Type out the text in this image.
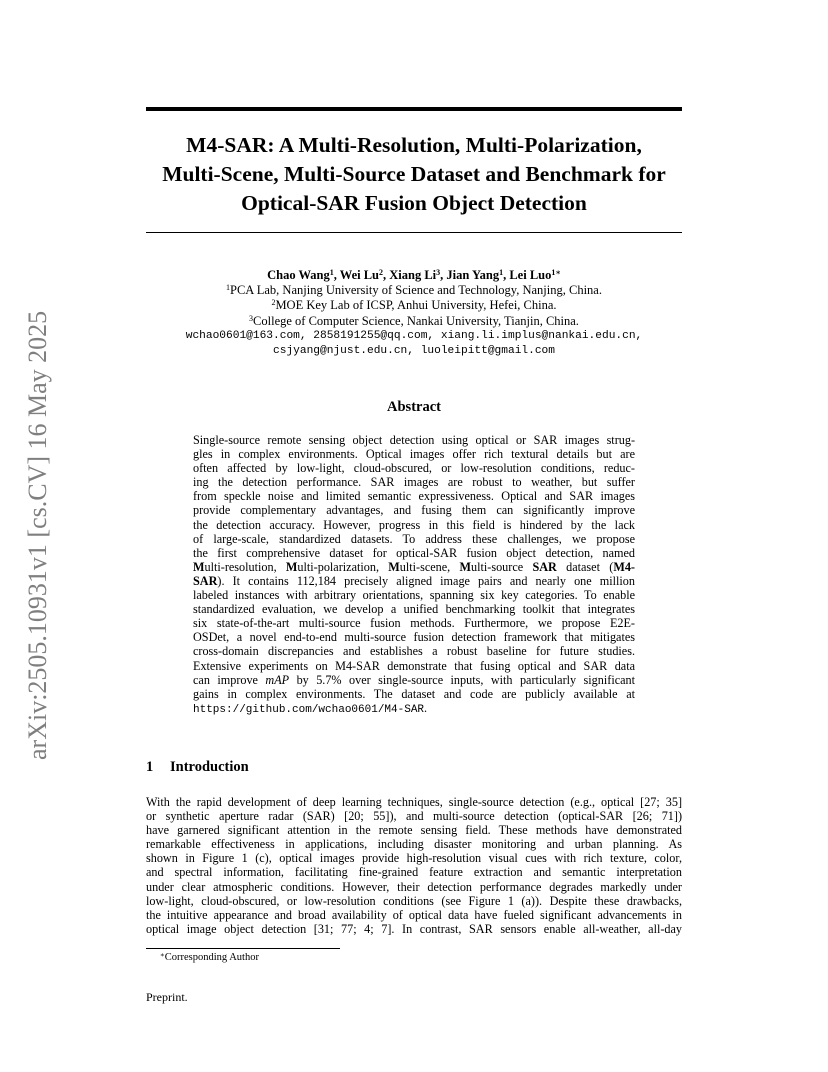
arXiv:2505.10931v1 [cs.CV] 16 May 2025
M4-SAR: A Multi-Resolution, Multi-Polarization,
Multi-Scene, Multi-Source Dataset and Benchmark for
Optical-SAR Fusion Object Detection
Chao Wang$^1$, Wei Lu$^2$, Xiang Li$^3$, Jian Yang$^1$, Lei Luo$^{1∗}$
$^1$PCA Lab, Nanjing University of Science and Technology, Nanjing, China.
$^2$MOE Key Lab of ICSP, Anhui University, Hefei, China.
$^3$College of Computer Science, Nankai University, Tianjin, China.
wchao0601@163.com, 2858191255@qq.com, xiang.li.implus@nankai.edu.cn,
csjyang@njust.edu.cn, luoleipitt@gmail.com
Abstract
Single-source remote sensing object detection using optical or SAR images strug-
gles in complex environments. Optical images offer rich textural details but are
often affected by low-light, cloud-obscured, or low-resolution conditions, reduc-
ing the detection performance. SAR images are robust to weather, but suffer
from speckle noise and limited semantic expressiveness. Optical and SAR images
provide complementary advantages, and fusing them can significantly improve
the detection accuracy. However, progress in this field is hindered by the lack
of large-scale, standardized datasets. To address these challenges, we propose
the first comprehensive dataset for optical-SAR fusion object detection, named
Multi-resolution, Multi-polarization, Multi-scene, Multi-source SAR dataset (M4-
SAR). It contains 112,184 precisely aligned image pairs and nearly one million
labeled instances with arbitrary orientations, spanning six key categories. To enable
standardized evaluation, we develop a unified benchmarking toolkit that integrates
six state-of-the-art multi-source fusion methods. Furthermore, we propose E2E-
OSDet, a novel end-to-end multi-source fusion detection framework that mitigates
cross-domain discrepancies and establishes a robust baseline for future studies.
Extensive experiments on M4-SAR demonstrate that fusing optical and SAR data
can improve mAP by 5.7% over single-source inputs, with particularly significant
gains in complex environments. The dataset and code are publicly available at
https://github.com/wchao0601/M4-SAR.
1 Introduction
With the rapid development of deep learning techniques, single-source detection (e.g., optical [27; 35]
or synthetic aperture radar (SAR) [20; 55]), and multi-source detection (optical-SAR [26; 71])
have garnered significant attention in the remote sensing field. These methods have demonstrated
remarkable effectiveness in applications, including disaster monitoring and urban planning. As
shown in Figure 1 (c), optical images provide high-resolution visual cues with rich texture, color,
and spectral information, facilitating fine-grained feature extraction and semantic interpretation
under clear atmospheric conditions. However, their detection performance degrades markedly under
low-light, cloud-obscured, or low-resolution conditions (see Figure 1 (a)). Despite these drawbacks,
the intuitive appearance and broad availability of optical data have fueled significant advancements in
optical image object detection [31; 77; 4; 7]. In contrast, SAR sensors enable all-weather, all-day
∗Corresponding Author
Preprint.
